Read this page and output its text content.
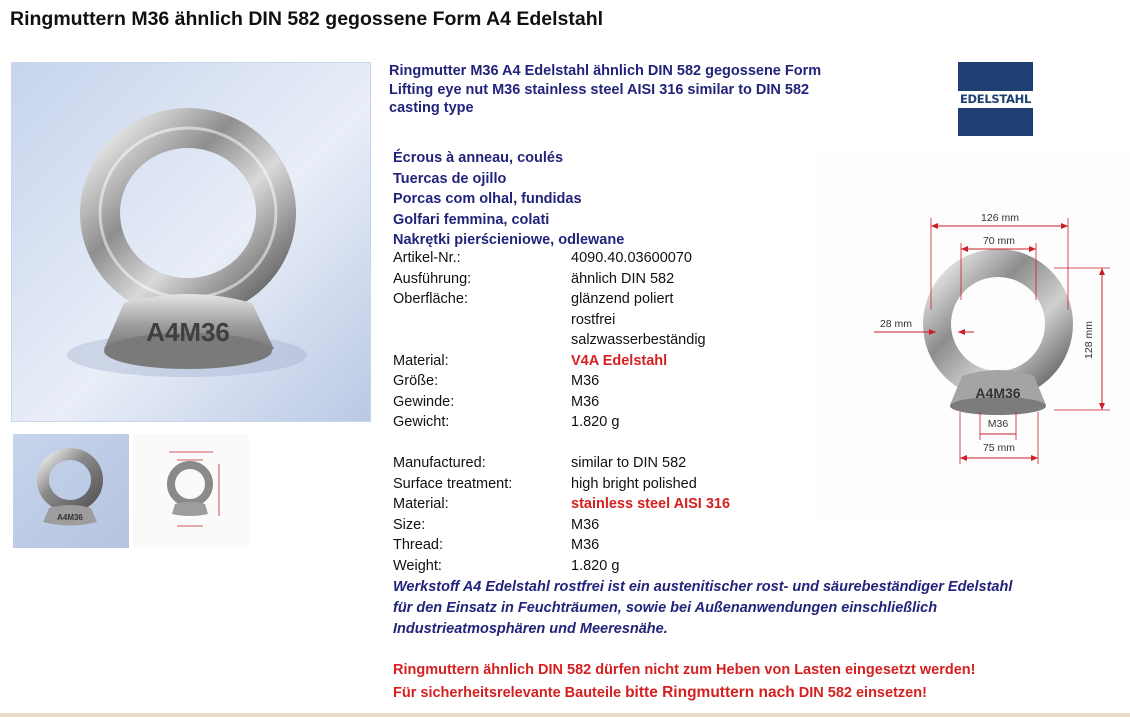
Ringmuttern M36 ähnlich DIN 582 gegossene Form A4 Edelstahl
A4M36
A4M36
EDELSTAHL
A4M36
126 mm
70 mm
28 mm	128 mm
M36
75 mm
Ringmutter M36 A4 Edelstahl ähnlich DIN 582 gegossene Form
Lifting eye nut M36 stainless steel AISI 316 similar to DIN 582 casting type
Écrous à anneau, coulés
Tuercas de ojillo
Porcas com olhal, fundidas
Golfari femmina, colati
Nakrętki pierścieniowe, odlewane
Artikel-Nr.:	4090.40.03600070
Ausführung:	ähnlich DIN 582
Oberfläche:	glänzend poliert
rostfrei
salzwasserbeständig
Material:	V4A Edelstahl
Größe:	M36
Gewinde:	M36
Gewicht:	1.820 g
Manufactured:	similar to DIN 582
Surface treatment:	high bright polished
Material:	stainless steel AISI 316
Size:	M36
Thread:	M36
Weight:	1.820 g
Werkstoff A4 Edelstahl rostfrei ist ein austenitischer rost- und säurebeständiger Edelstahl für den Einsatz in Feuchträumen, sowie bei Außenanwendungen einschließlich Industrieatmosphären und Meeresnähe.
Ringmuttern ähnlich DIN 582 dürfen nicht zum Heben von Lasten eingesetzt werden!
Für sicherheitsrelevante Bauteile bitte Ringmuttern nach DIN 582 einsetzen!
